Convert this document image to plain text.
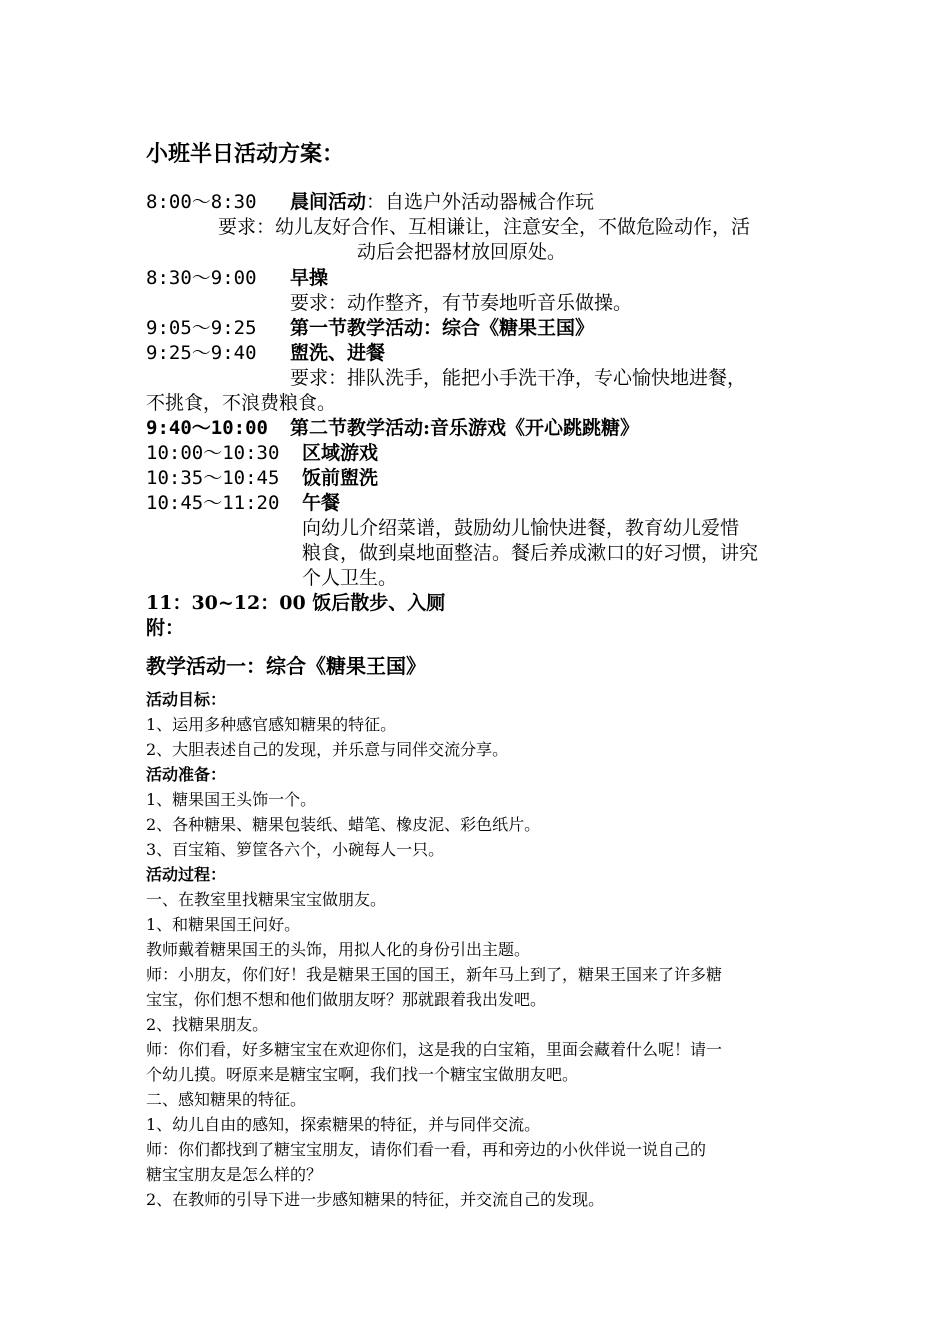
小班半日活动方案：
8:00～8:30 晨间活动：自选户外活动器械合作玩
要求：幼儿友好合作、互相谦让，注意安全，不做危险动作，活
动后会把器材放回原处。
8:30～9:00 早操
要求：动作整齐，有节奏地听音乐做操。
9:05～9:25 第一节教学活动：综合《糖果王国》
9:25～9:40 盥洗、进餐
要求：排队洗手，能把小手洗干净，专心愉快地进餐，
不挑食，不浪费粮食。
9:40～10:00 第二节教学活动:音乐游戏《开心跳跳糖》
10:00～10:30 区域游戏
10:35～10:45 饭前盥洗
10:45～11:20 午餐
向幼儿介绍菜谱，鼓励幼儿愉快进餐，教育幼儿爱惜
粮食，做到桌地面整洁。餐后养成漱口的好习惯，讲究
个人卫生。
11：30~12：00 饭后散步、入厕
附：
教学活动一：综合《糖果王国》
活动目标：
1、运用多种感官感知糖果的特征。
2、大胆表述自己的发现，并乐意与同伴交流分享。
活动准备：
1、糖果国王头饰一个。
2、各种糖果、糖果包装纸、蜡笔、橡皮泥、彩色纸片。
3、百宝箱、箩筐各六个，小碗每人一只。
活动过程：
一、在教室里找糖果宝宝做朋友。
1、和糖果国王问好。
教师戴着糖果国王的头饰，用拟人化的身份引出主题。
师：小朋友，你们好！我是糖果王国的国王，新年马上到了，糖果王国来了许多糖
宝宝，你们想不想和他们做朋友呀？那就跟着我出发吧。
2、找糖果朋友。
师：你们看，好多糖宝宝在欢迎你们，这是我的白宝箱，里面会藏着什么呢！请一
个幼儿摸。呀原来是糖宝宝啊，我们找一个糖宝宝做朋友吧。
二、感知糖果的特征。
1、幼儿自由的感知，探索糖果的特征，并与同伴交流。
师：你们都找到了糖宝宝朋友，请你们看一看，再和旁边的小伙伴说一说自己的
糖宝宝朋友是怎么样的？
2、在教师的引导下进一步感知糖果的特征，并交流自己的发现。
